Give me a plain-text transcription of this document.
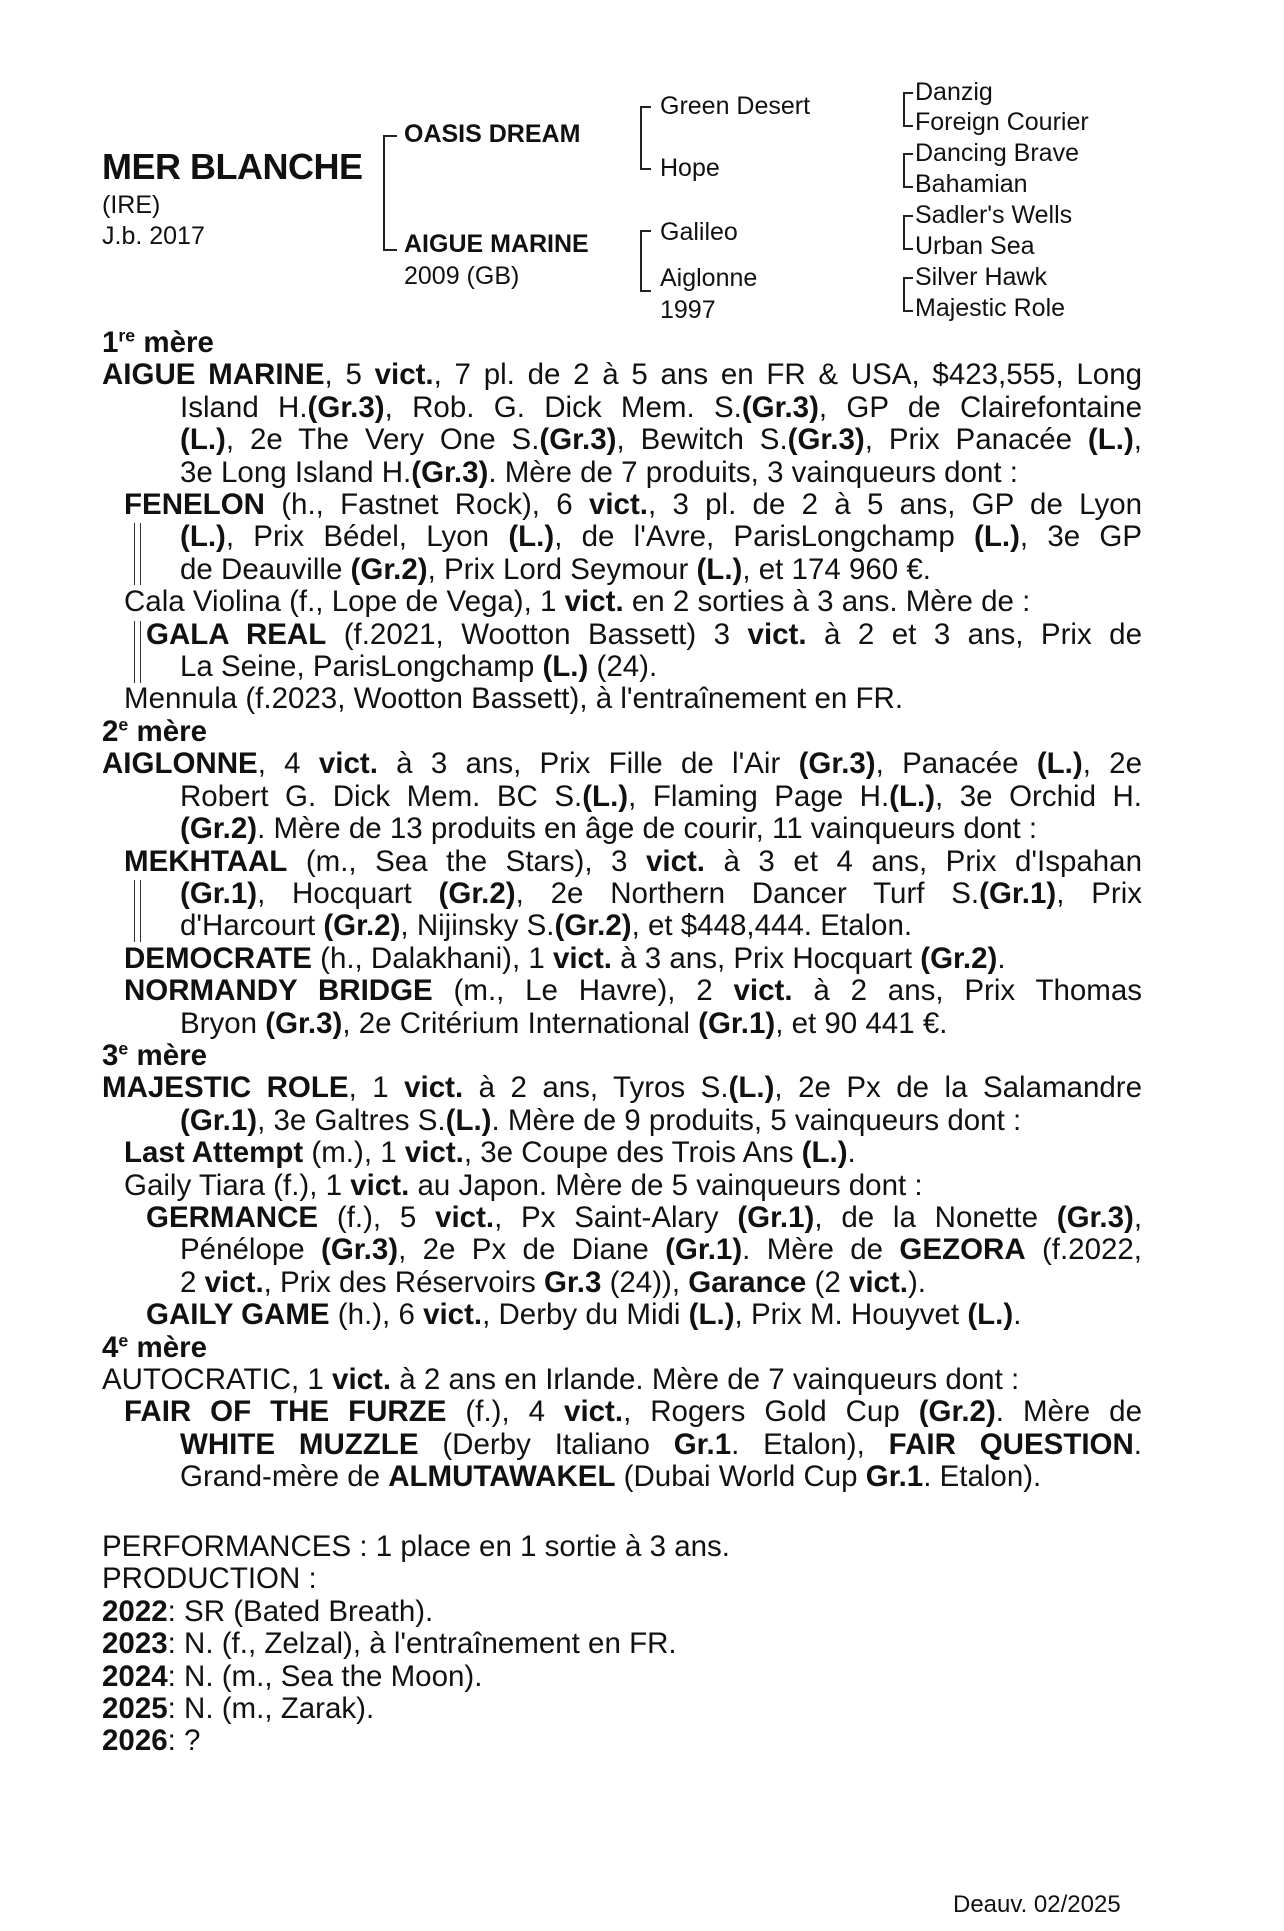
MER BLANCHE
(IRE)
J.b. 2017
OASIS DREAM
AIGUE MARINE
2009 (GB)
Green Desert
Hope
Galileo
Aiglonne
1997
Danzig
Foreign Courier
Dancing Brave
Bahamian
Sadler's Wells
Urban Sea
Silver Hawk
Majestic Role
1re mère
AIGUE MARINE, 5 vict., 7 pl. de 2 à 5 ans en FR & USA, $423,555, Long
Island H.(Gr.3), Rob. G. Dick Mem. S.(Gr.3), GP de Clairefontaine
(L.), 2e The Very One S.(Gr.3), Bewitch S.(Gr.3), Prix Panacée (L.),
3e Long Island H.(Gr.3). Mère de 7 produits, 3 vainqueurs dont :
FENELON (h., Fastnet Rock), 6 vict., 3 pl. de 2 à 5 ans, GP de Lyon
(L.), Prix Bédel, Lyon (L.), de l'Avre, ParisLongchamp (L.), 3e GP
de Deauville (Gr.2), Prix Lord Seymour (L.), et 174 960 €.
Cala Violina (f., Lope de Vega), 1 vict. en 2 sorties à 3 ans. Mère de :
GALA REAL (f.2021, Wootton Bassett) 3 vict. à 2 et 3 ans, Prix de
La Seine, ParisLongchamp (L.) (24).
Mennula (f.2023, Wootton Bassett), à l'entraînement en FR.
2e mère
AIGLONNE, 4 vict. à 3 ans, Prix Fille de l'Air (Gr.3), Panacée (L.), 2e
Robert G. Dick Mem. BC S.(L.), Flaming Page H.(L.), 3e Orchid H.
(Gr.2). Mère de 13 produits en âge de courir, 11 vainqueurs dont :
MEKHTAAL (m., Sea the Stars), 3 vict. à 3 et 4 ans, Prix d'Ispahan
(Gr.1), Hocquart (Gr.2), 2e Northern Dancer Turf S.(Gr.1), Prix
d'Harcourt (Gr.2), Nijinsky S.(Gr.2), et $448,444. Etalon.
DEMOCRATE (h., Dalakhani), 1 vict. à 3 ans, Prix Hocquart (Gr.2).
NORMANDY BRIDGE (m., Le Havre), 2 vict. à 2 ans, Prix Thomas
Bryon (Gr.3), 2e Critérium International (Gr.1), et 90 441 €.
3e mère
MAJESTIC ROLE, 1 vict. à 2 ans, Tyros S.(L.), 2e Px de la Salamandre
(Gr.1), 3e Galtres S.(L.). Mère de 9 produits, 5 vainqueurs dont :
Last Attempt (m.), 1 vict., 3e Coupe des Trois Ans (L.).
Gaily Tiara (f.), 1 vict. au Japon. Mère de 5 vainqueurs dont :
GERMANCE (f.), 5 vict., Px Saint-Alary (Gr.1), de la Nonette (Gr.3),
Pénélope (Gr.3), 2e Px de Diane (Gr.1). Mère de GEZORA (f.2022,
2 vict., Prix des Réservoirs Gr.3 (24)), Garance (2 vict.).
GAILY GAME (h.), 6 vict., Derby du Midi (L.), Prix M. Houyvet (L.).
4e mère
AUTOCRATIC, 1 vict. à 2 ans en Irlande. Mère de 7 vainqueurs dont :
FAIR OF THE FURZE (f.), 4 vict., Rogers Gold Cup (Gr.2). Mère de
WHITE MUZZLE (Derby Italiano Gr.1. Etalon), FAIR QUESTION.
Grand-mère de ALMUTAWAKEL (Dubai World Cup Gr.1. Etalon).
PERFORMANCES : 1 place en 1 sortie à 3 ans.
PRODUCTION :
2022: SR (Bated Breath).
2023: N. (f., Zelzal), à l'entraînement en FR.
2024: N. (m., Sea the Moon).
2025: N. (m., Zarak).
2026: ?
Deauv. 02/2025
